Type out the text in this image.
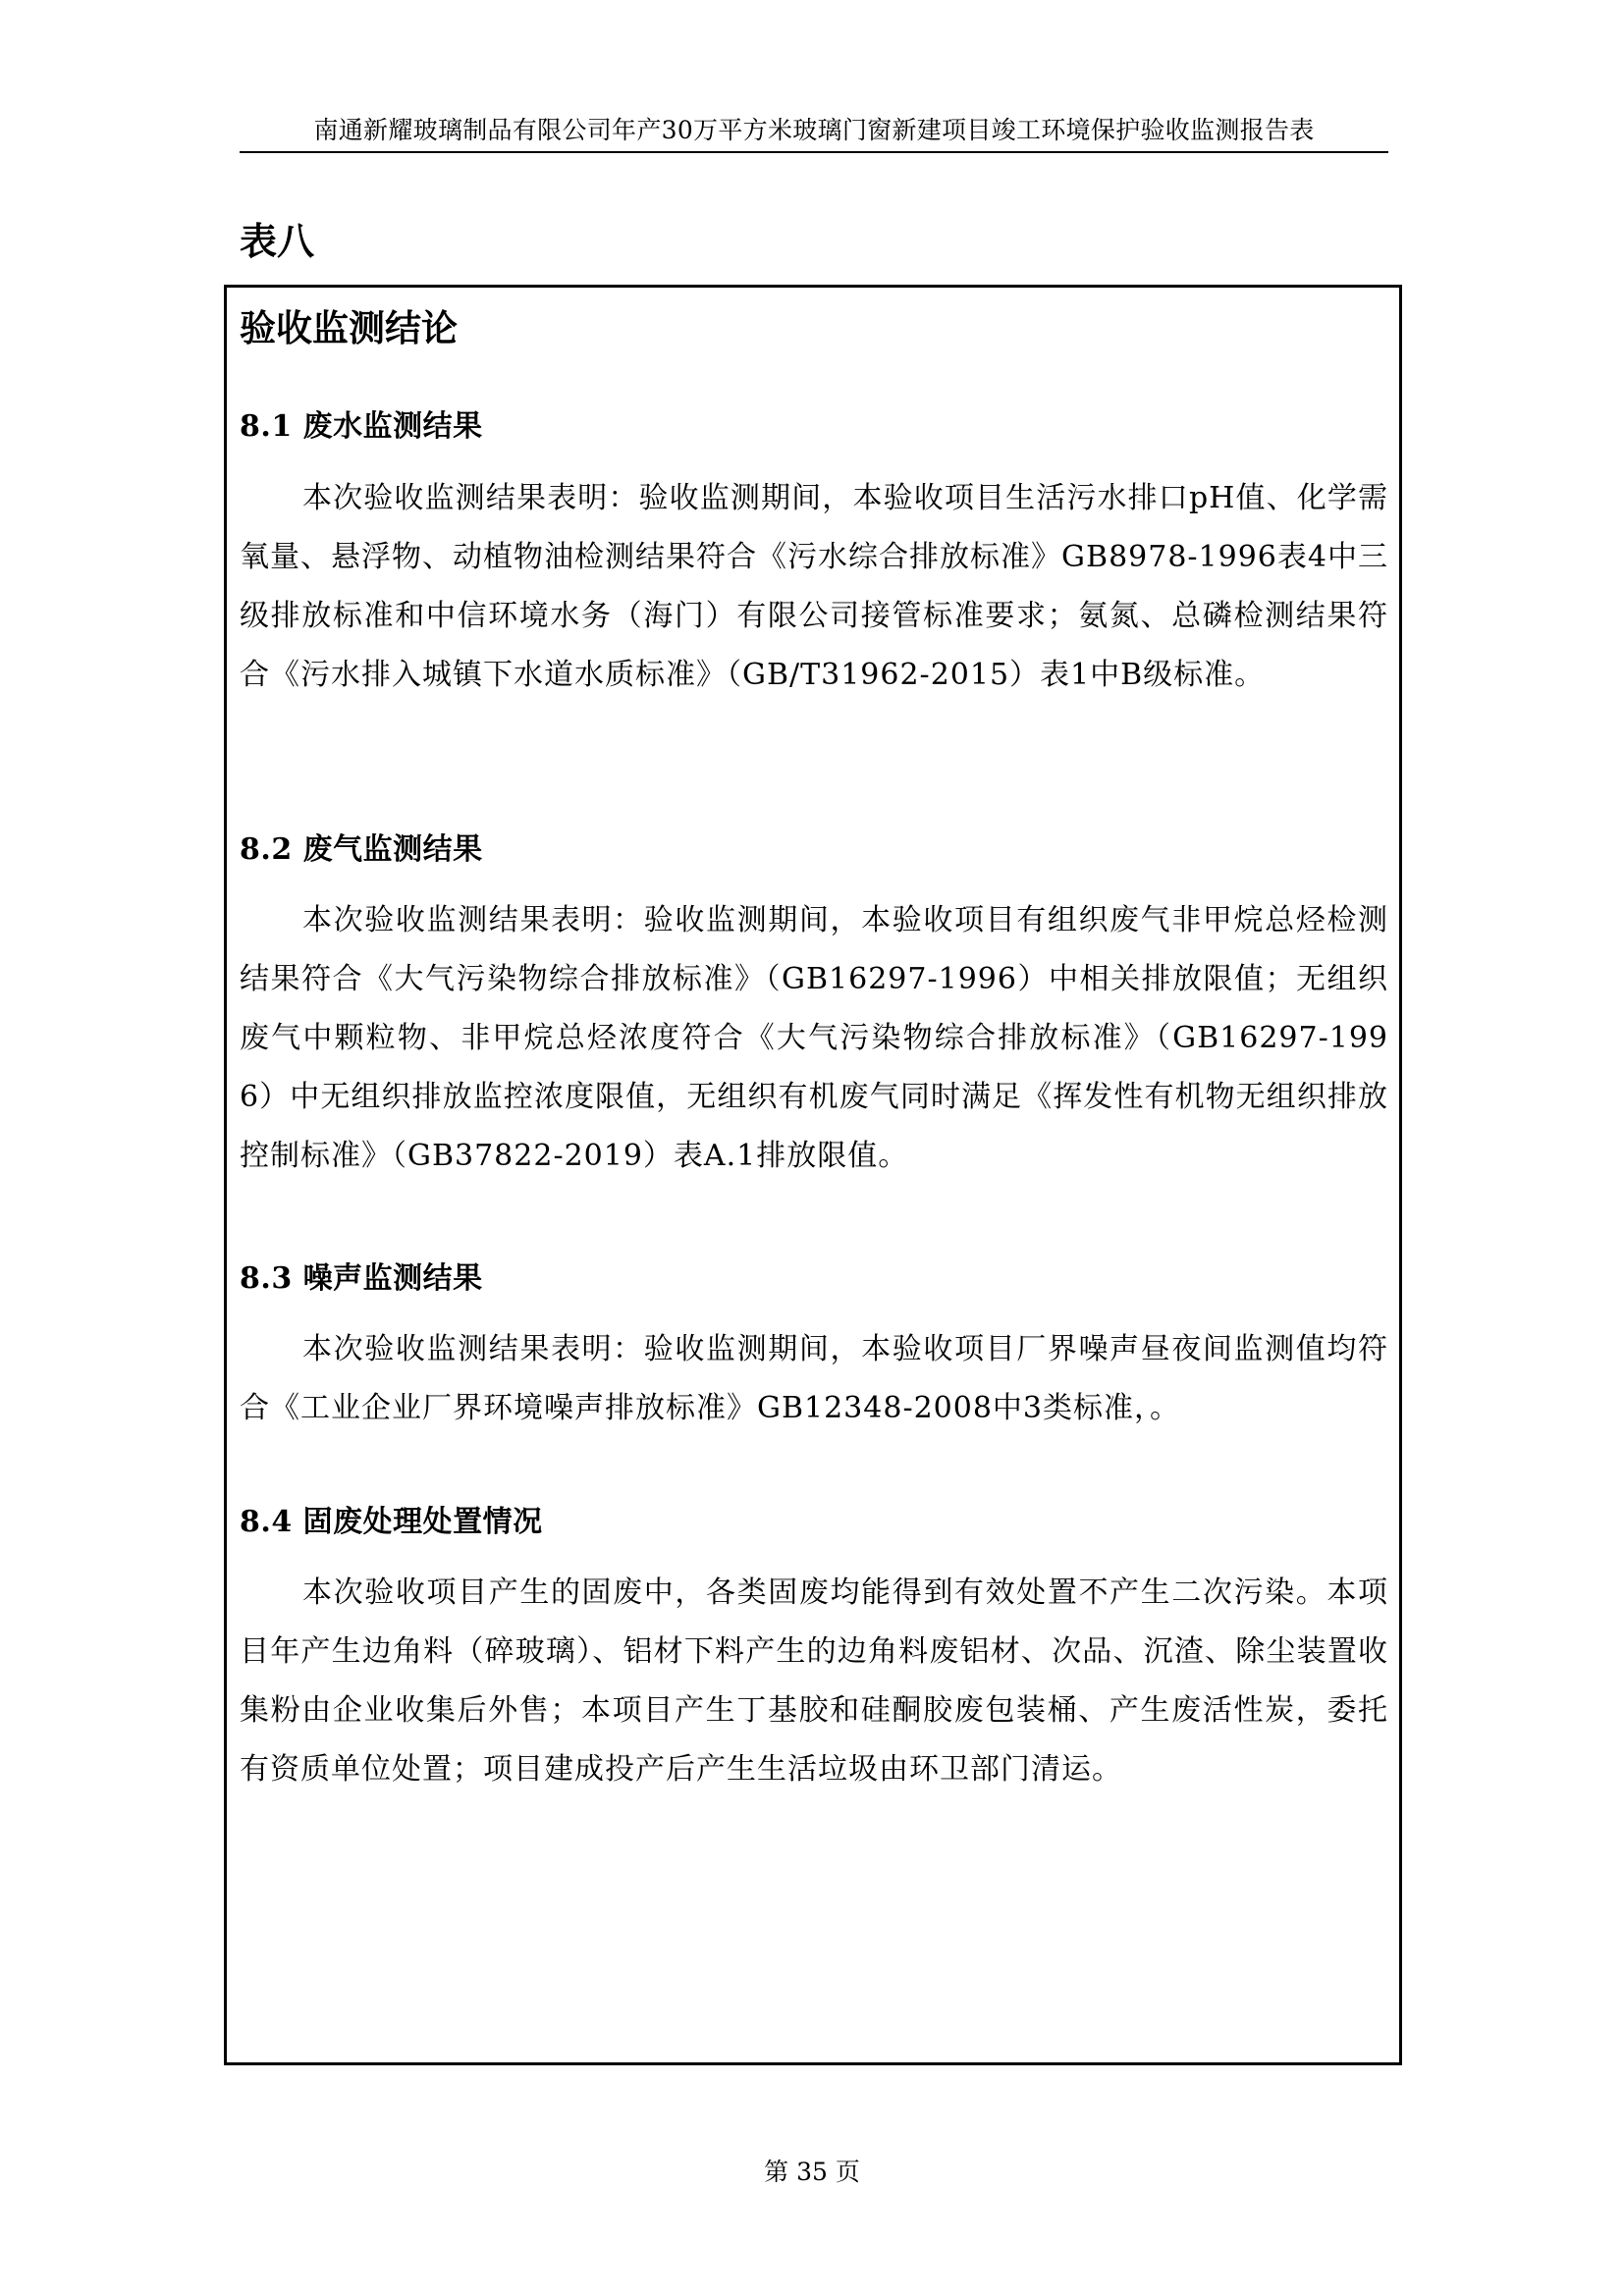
南通新耀玻璃制品有限公司年产30万平方米玻璃门窗新建项目竣工环境保护验收监测报告表
表八
验收监测结论
8.1 废水监测结果

本次验收监测结果表明：验收监测期间，本验收项目生活污水排口pH值、化学需氧量、悬浮物、动植物油检测结果符合《污水综合排放标准》GB8978-1996表4中三级排放标准和中信环境水务（海门）有限公司接管标准要求；氨氮、总磷检测结果符合《污水排入城镇下水道水质标准》（GB/T31962-2015）表1中B级标准。

8.2 废气监测结果

本次验收监测结果表明：验收监测期间，本验收项目有组织废气非甲烷总烃检测结果符合《大气污染物综合排放标准》（GB16297-1996）中相关排放限值；无组织废气中颗粒物、非甲烷总烃浓度符合《大气污染物综合排放标准》（GB16297-1996）中无组织排放监控浓度限值，无组织有机废气同时满足《挥发性有机物无组织排放控制标准》（GB37822-2019）表A.1排放限值。

8.3 噪声监测结果

本次验收监测结果表明：验收监测期间，本验收项目厂界噪声昼夜间监测值均符合《工业企业厂界环境噪声排放标准》GB12348-2008中3类标准，。

8.4 固废处理处置情况

本次验收项目产生的固废中，各类固废均能得到有效处置不产生二次污染。本项目年产生边角料（碎玻璃）、铝材下料产生的边角料废铝材、次品、沉渣、除尘装置收集粉由企业收集后外售；本项目产生丁基胶和硅酮胶废包装桶、产生废活性炭，委托有资质单位处置；项目建成投产后产生生活垃圾由环卫部门清运。

第 35 页
